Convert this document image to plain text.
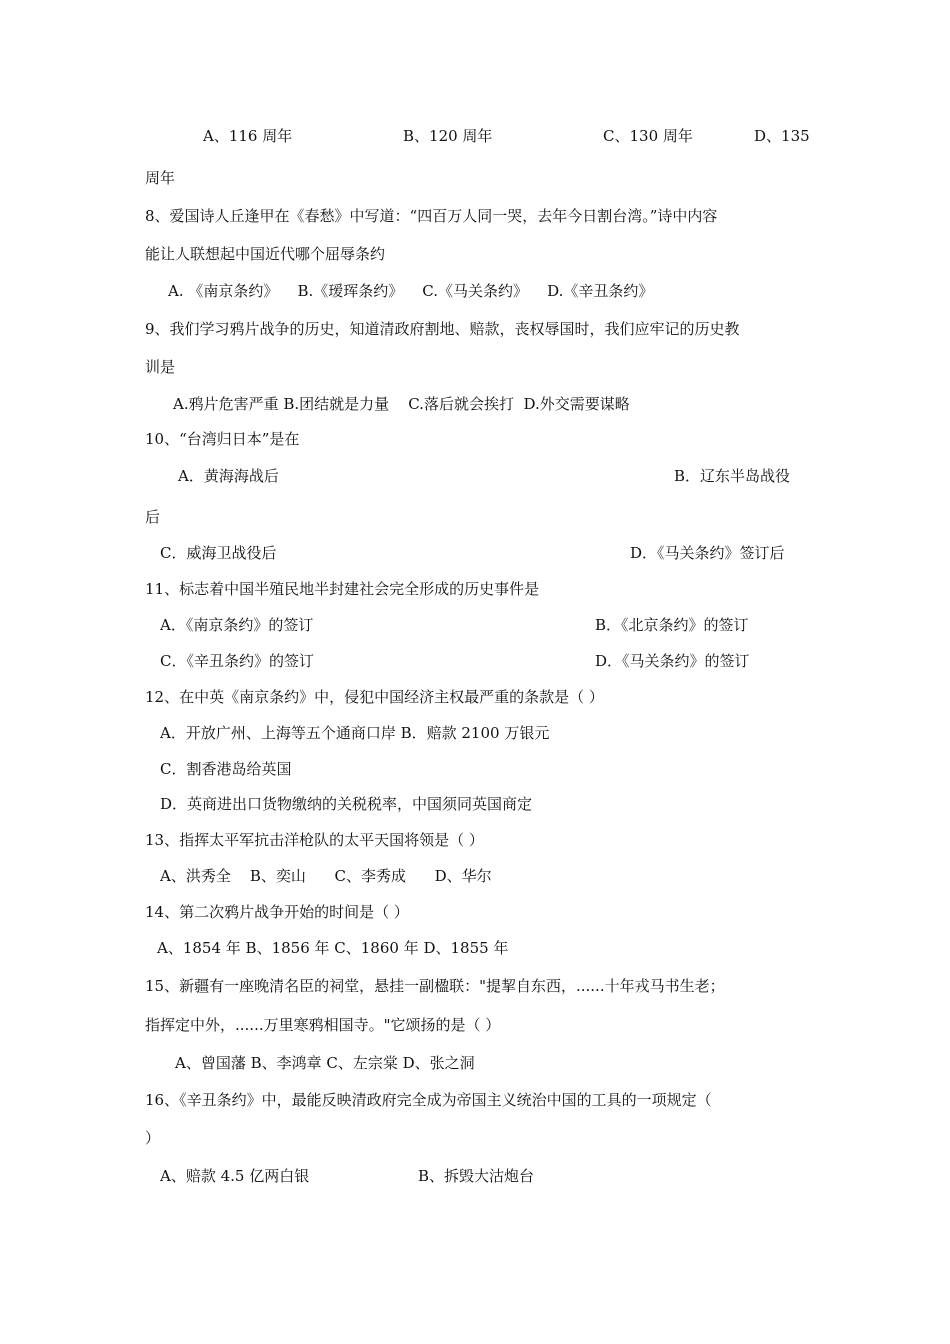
A、116 周年	B、120 周年	C、130 周年	D、135
周年
8、爱国诗人丘逢甲在《春愁》中写道：“四百万人同一哭，去年今日割台湾。”诗中内容
能让人联想起中国近代哪个屈辱条约
A. 《南京条约》    B.《瑷珲条约》    C.《马关条约》    D.《辛丑条约》
9、我们学习鸦片战争的历史，知道清政府割地、赔款，丧权辱国时，我们应牢记的历史教
训是
A.鸦片危害严重 B.团结就是力量    C.落后就会挨打  D.外交需要谋略
10、“台湾归日本”是在
A．黄海海战后	B．辽东半岛战役
后
C．威海卫战役后	D．《马关条约》签订后
11、标志着中国半殖民地半封建社会完全形成的历史事件是
A．《南京条约》的签订	B．《北京条约》的签订
C．《辛丑条约》的签订	D．《马关条约》的签订
12、在中英《南京条约》中，侵犯中国经济主权最严重的条款是（ ）
A．开放广州、上海等五个通商口岸 B．赔款 2100 万银元
C．割香港岛给英国
D．英商进出口货物缴纳的关税税率，中国须同英国商定
13、指挥太平军抗击洋枪队的太平天国将领是（ ）
A、洪秀全    B、奕山      C、李秀成      D、华尔
14、第二次鸦片战争开始的时间是（ ）
A、1854 年 B、1856 年 C、1860 年 D、1855 年
15、新疆有一座晚清名臣的祠堂，悬挂一副楹联："提挈自东西，......十年戎马书生老；
指挥定中外，......万里寒鸦相国寺。"它颂扬的是（ ）
A、曾国藩 B、李鸿章 C、左宗棠 D、张之洞
16、《辛丑条约》中，最能反映清政府完全成为帝国主义统治中国的工具的一项规定（
）
A、赔款 4.5 亿两白银	B、拆毁大沽炮台
